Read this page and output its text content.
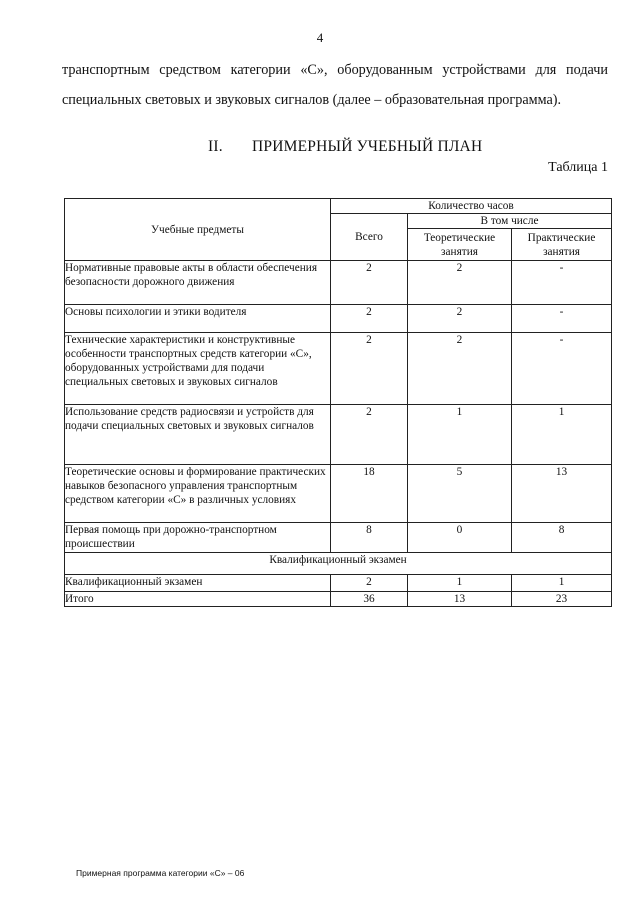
4
транспортным средством категории «С», оборудованным устройствами для подачи
специальных световых и звуковых сигналов (далее – образовательная программа).
II. ПРИМЕРНЫЙ УЧЕБНЫЙ ПЛАН
Таблица 1
Учебные предметы	Количество часов		
	Всего	В том числе	
		Теоретические занятия	Практические занятия
Нормативные правовые акты в области обеспечения безопасности дорожного движения	2	2	-
Основы психологии и этики водителя	2	2	-
Технические характеристики и конструктивные особенности транспортных средств категории «С», оборудованных устройствами для подачи специальных световых и звуковых сигналов	2	2	-
Использование средств радиосвязи и устройств для подачи специальных световых и звуковых сигналов	2	1	1
Теоретические основы и формирование практических навыков безопасного управления транспортным средством категории «С» в различных условиях	18	5	13
Первая помощь при дорожно-транспортном происшествии	8	0	8
Квалификационный экзамен			
Квалификационный экзамен	2	1	1
Итого	36	13	23
Примерная программа категории «С» – 06
